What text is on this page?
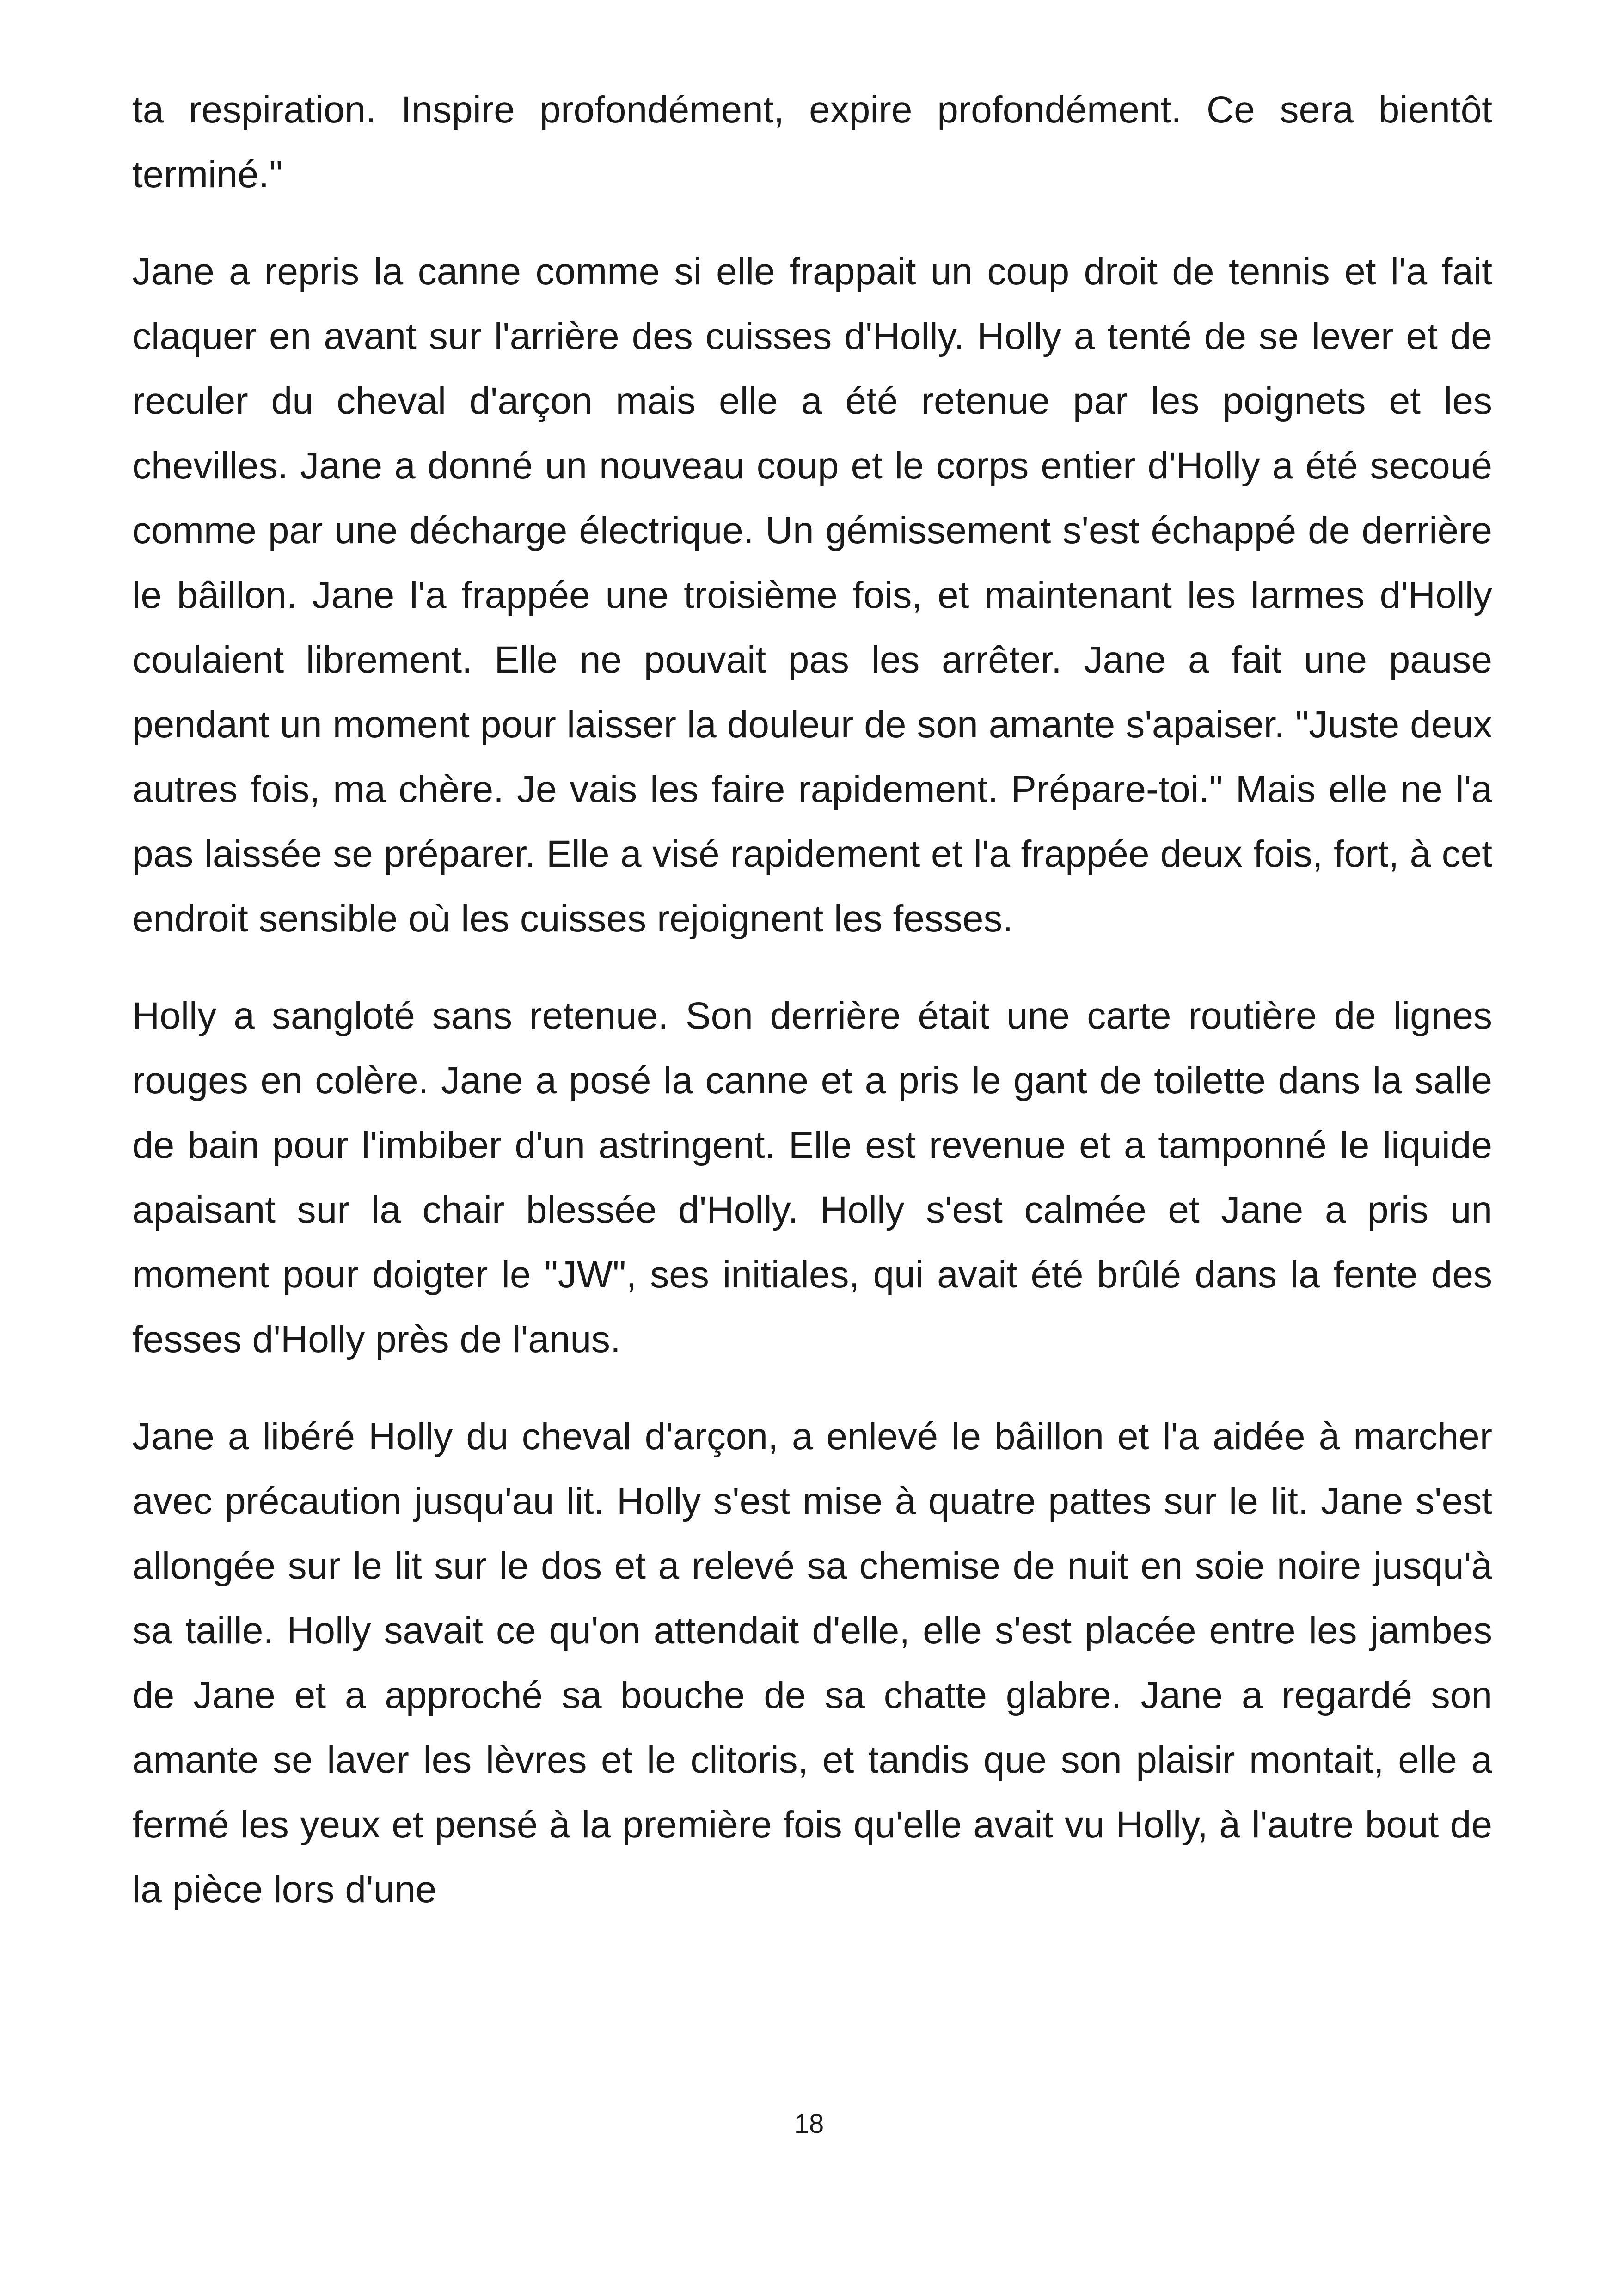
ta respiration. Inspire profondément, expire profondément. Ce sera bientôt terminé."

Jane a repris la canne comme si elle frappait un coup droit de tennis et l'a fait claquer en avant sur l'arrière des cuisses d'Holly. Holly a tenté de se lever et de reculer du cheval d'arçon mais elle a été retenue par les poignets et les chevilles. Jane a donné un nouveau coup et le corps entier d'Holly a été secoué comme par une décharge électrique. Un gémissement s'est échappé de derrière le bâillon. Jane l'a frappée une troisième fois, et maintenant les larmes d'Holly coulaient librement. Elle ne pouvait pas les arrêter. Jane a fait une pause pendant un moment pour laisser la douleur de son amante s'apaiser. "Juste deux autres fois, ma chère. Je vais les faire rapidement. Prépare-toi." Mais elle ne l'a pas laissée se préparer. Elle a visé rapidement et l'a frappée deux fois, fort, à cet endroit sensible où les cuisses rejoignent les fesses.

Holly a sangloté sans retenue. Son derrière était une carte routière de lignes rouges en colère. Jane a posé la canne et a pris le gant de toilette dans la salle de bain pour l'imbiber d'un astringent. Elle est revenue et a tamponné le liquide apaisant sur la chair blessée d'Holly. Holly s'est calmée et Jane a pris un moment pour doigter le "JW", ses initiales, qui avait été brûlé dans la fente des fesses d'Holly près de l'anus.

Jane a libéré Holly du cheval d'arçon, a enlevé le bâillon et l'a aidée à marcher avec précaution jusqu'au lit. Holly s'est mise à quatre pattes sur le lit. Jane s'est allongée sur le lit sur le dos et a relevé sa chemise de nuit en soie noire jusqu'à sa taille. Holly savait ce qu'on attendait d'elle, elle s'est placée entre les jambes de Jane et a approché sa bouche de sa chatte glabre. Jane a regardé son amante se laver les lèvres et le clitoris, et tandis que son plaisir montait, elle a fermé les yeux et pensé à la première fois qu'elle avait vu Holly, à l'autre bout de la pièce lors d'une

18
